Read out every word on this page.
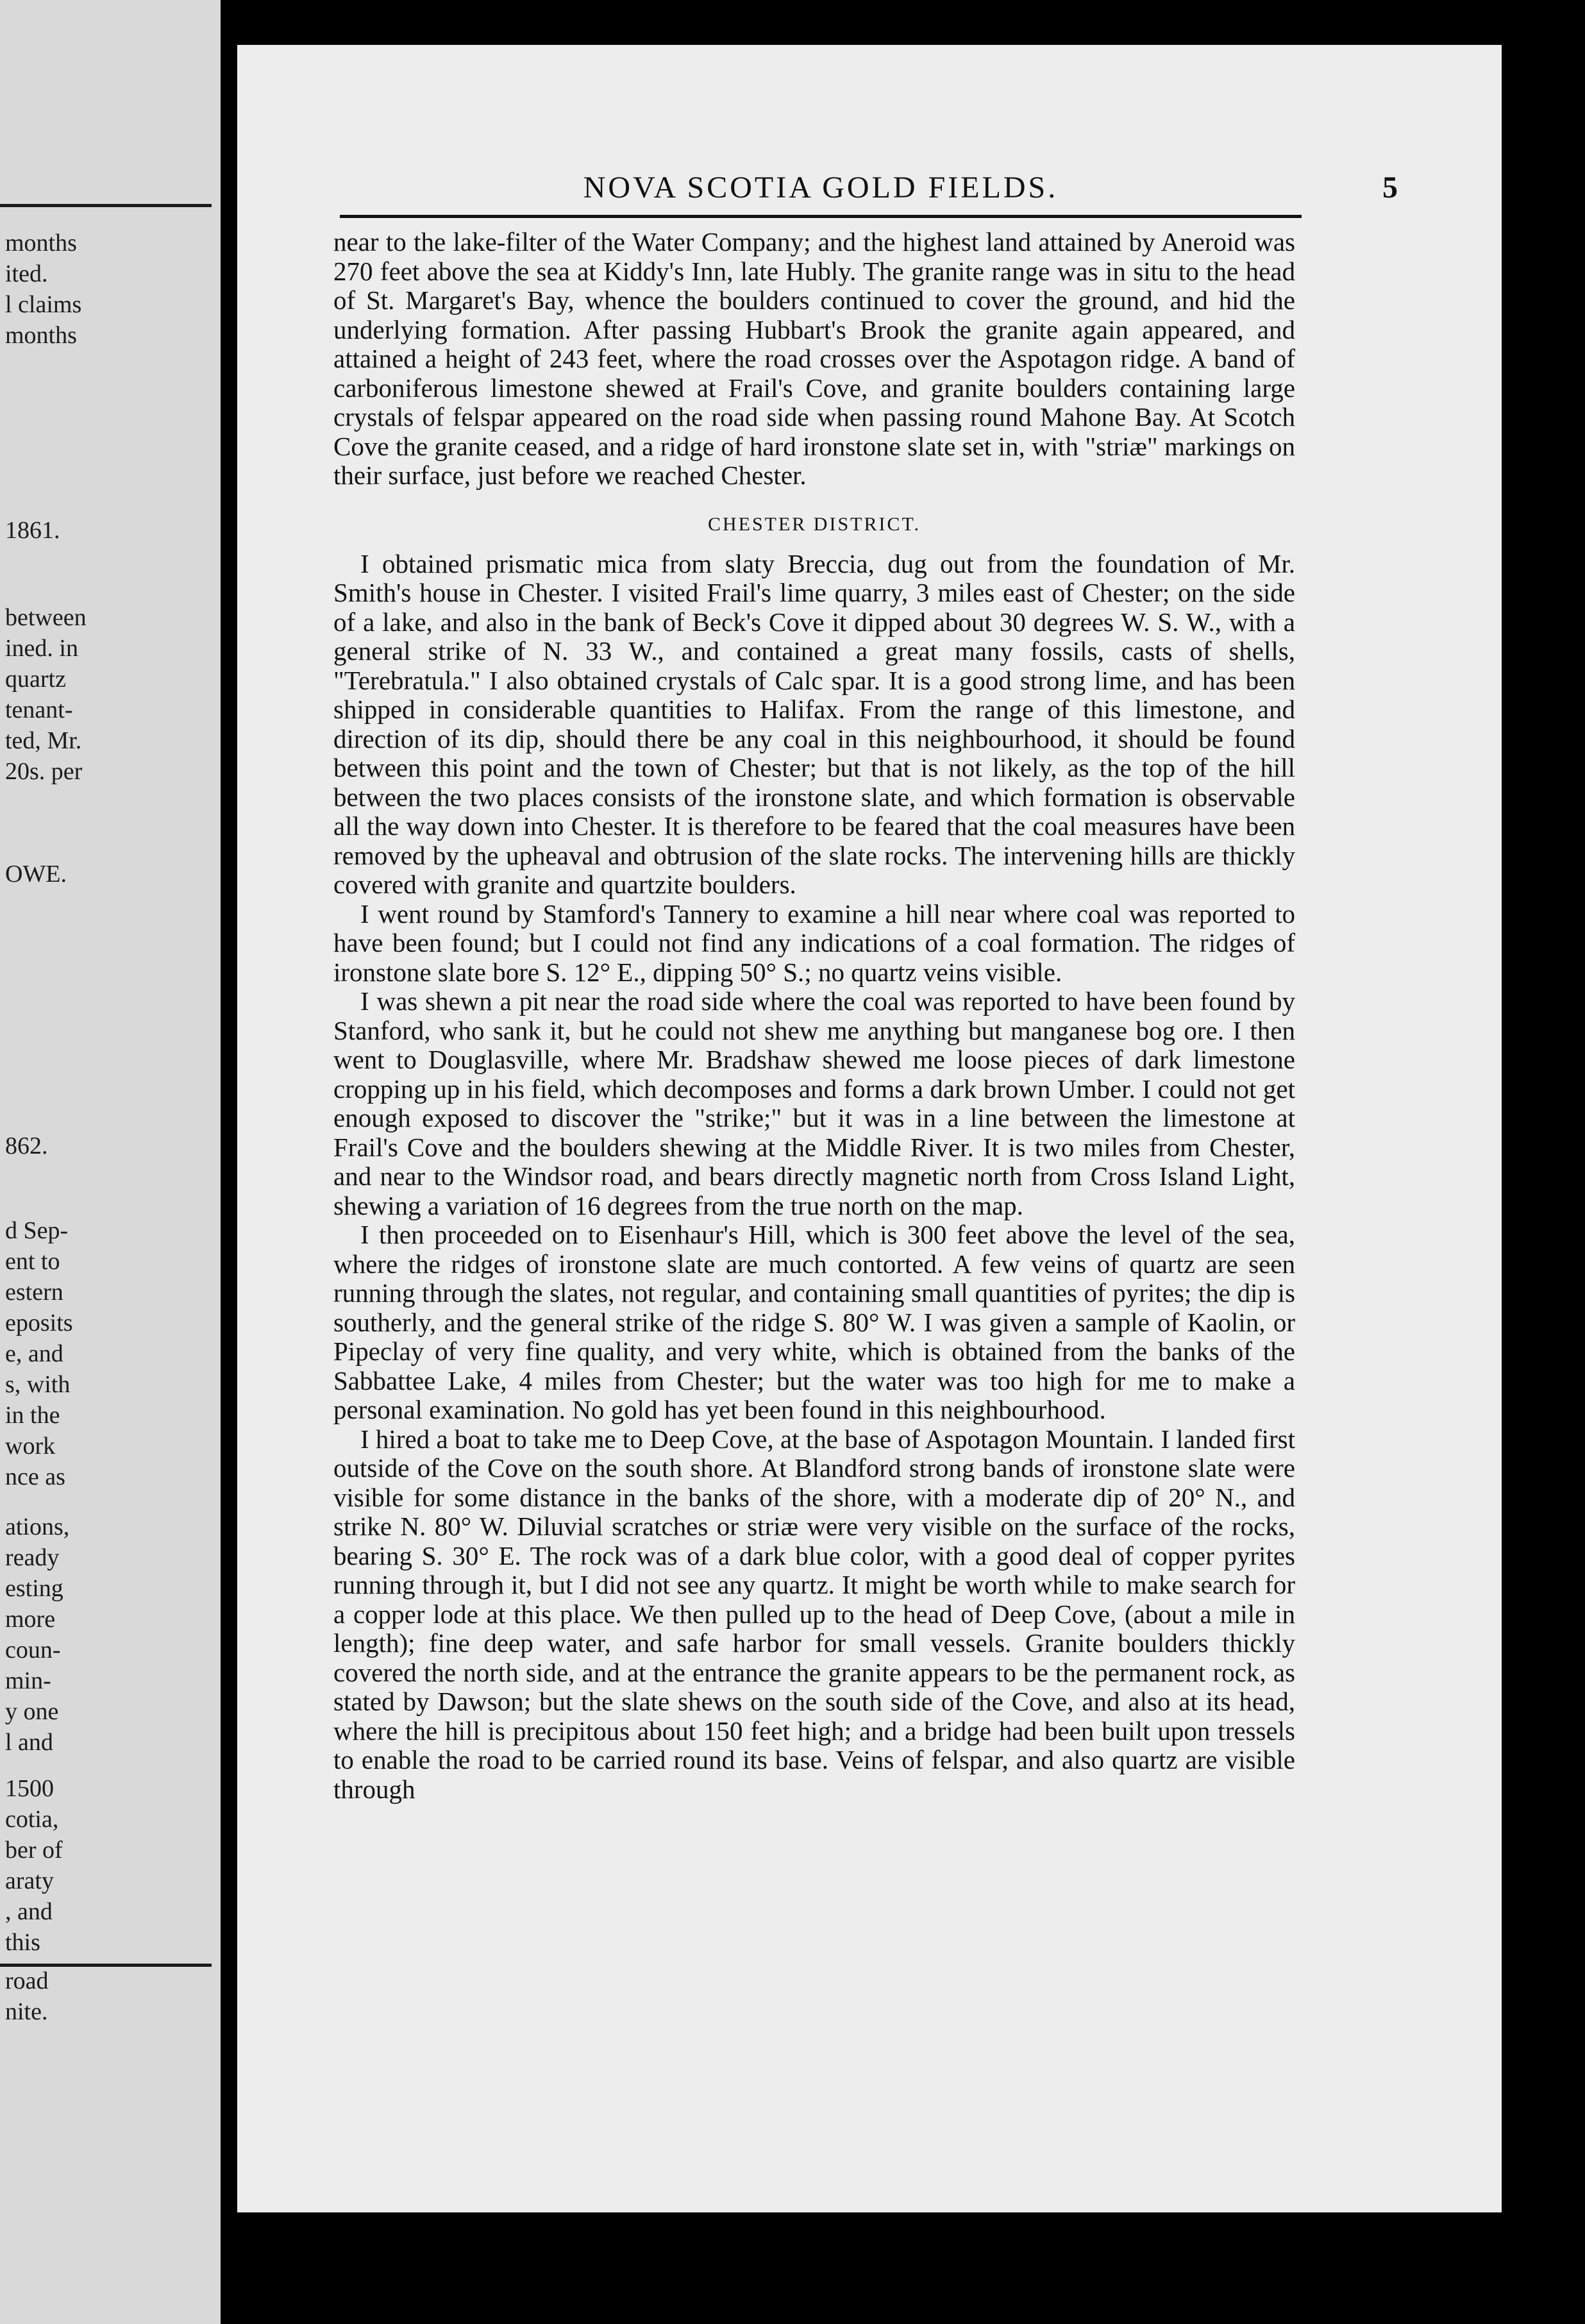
months
ited.
l claims
months
1861.
between
ined. in
quartz
tenant-
ted, Mr.
20s. per
OWE.
862.
d Sep-
ent to
estern
eposits
e, and
s, with
in the
work
nce as
ations,
ready
esting
more
coun-
min-
y one
l and
1500
cotia,
ber of
araty
, and
this
road
nite.
NOVA SCOTIA GOLD FIELDS.	5

near to the lake-filter of the Water Company; and the highest land attained by Aneroid was 270 feet above the sea at Kiddy's Inn, late Hubly. The granite range was in situ to the head of St. Margaret's Bay, whence the boulders continued to cover the ground, and hid the underlying formation. After passing Hubbart's Brook the granite again appeared, and attained a height of 243 feet, where the road crosses over the Aspotagon ridge. A band of carboniferous limestone shewed at Frail's Cove, and granite boulders containing large crystals of felspar appeared on the road side when passing round Mahone Bay. At Scotch Cove the granite ceased, and a ridge of hard ironstone slate set in, with "striæ" markings on their surface, just before we reached Chester.

CHESTER DISTRICT.

I obtained prismatic mica from slaty Breccia, dug out from the foundation of Mr. Smith's house in Chester. I visited Frail's lime quarry, 3 miles east of Chester; on the side of a lake, and also in the bank of Beck's Cove it dipped about 30 degrees W. S. W., with a general strike of N. 33 W., and contained a great many fossils, casts of shells, "Terebratula." I also obtained crystals of Calc spar. It is a good strong lime, and has been shipped in considerable quantities to Halifax. From the range of this limestone, and direction of its dip, should there be any coal in this neighbourhood, it should be found between this point and the town of Chester; but that is not likely, as the top of the hill between the two places consists of the ironstone slate, and which formation is observable all the way down into Chester. It is therefore to be feared that the coal measures have been removed by the upheaval and obtrusion of the slate rocks. The intervening hills are thickly covered with granite and quartzite boulders.

I went round by Stamford's Tannery to examine a hill near where coal was reported to have been found; but I could not find any indications of a coal formation. The ridges of ironstone slate bore S. 12° E., dipping 50° S.; no quartz veins visible.

I was shewn a pit near the road side where the coal was reported to have been found by Stanford, who sank it, but he could not shew me anything but manganese bog ore. I then went to Douglasville, where Mr. Bradshaw shewed me loose pieces of dark limestone cropping up in his field, which decomposes and forms a dark brown Umber. I could not get enough exposed to discover the "strike;" but it was in a line between the limestone at Frail's Cove and the boulders shewing at the Middle River. It is two miles from Chester, and near to the Windsor road, and bears directly magnetic north from Cross Island Light, shewing a variation of 16 degrees from the true north on the map.

I then proceeded on to Eisenhaur's Hill, which is 300 feet above the level of the sea, where the ridges of ironstone slate are much contorted. A few veins of quartz are seen running through the slates, not regular, and containing small quantities of pyrites; the dip is southerly, and the general strike of the ridge S. 80° W. I was given a sample of Kaolin, or Pipeclay of very fine quality, and very white, which is obtained from the banks of the Sabbattee Lake, 4 miles from Chester; but the water was too high for me to make a personal examination. No gold has yet been found in this neighbourhood.

I hired a boat to take me to Deep Cove, at the base of Aspotagon Mountain. I landed first outside of the Cove on the south shore. At Blandford strong bands of ironstone slate were visible for some distance in the banks of the shore, with a moderate dip of 20° N., and strike N. 80° W. Diluvial scratches or striæ were very visible on the surface of the rocks, bearing S. 30° E. The rock was of a dark blue color, with a good deal of copper pyrites running through it, but I did not see any quartz. It might be worth while to make search for a copper lode at this place. We then pulled up to the head of Deep Cove, (about a mile in length); fine deep water, and safe harbor for small vessels. Granite boulders thickly covered the north side, and at the entrance the granite appears to be the permanent rock, as stated by Dawson; but the slate shews on the south side of the Cove, and also at its head, where the hill is precipitous about 150 feet high; and a bridge had been built upon tressels to enable the road to be carried round its base. Veins of felspar, and also quartz are visible through
